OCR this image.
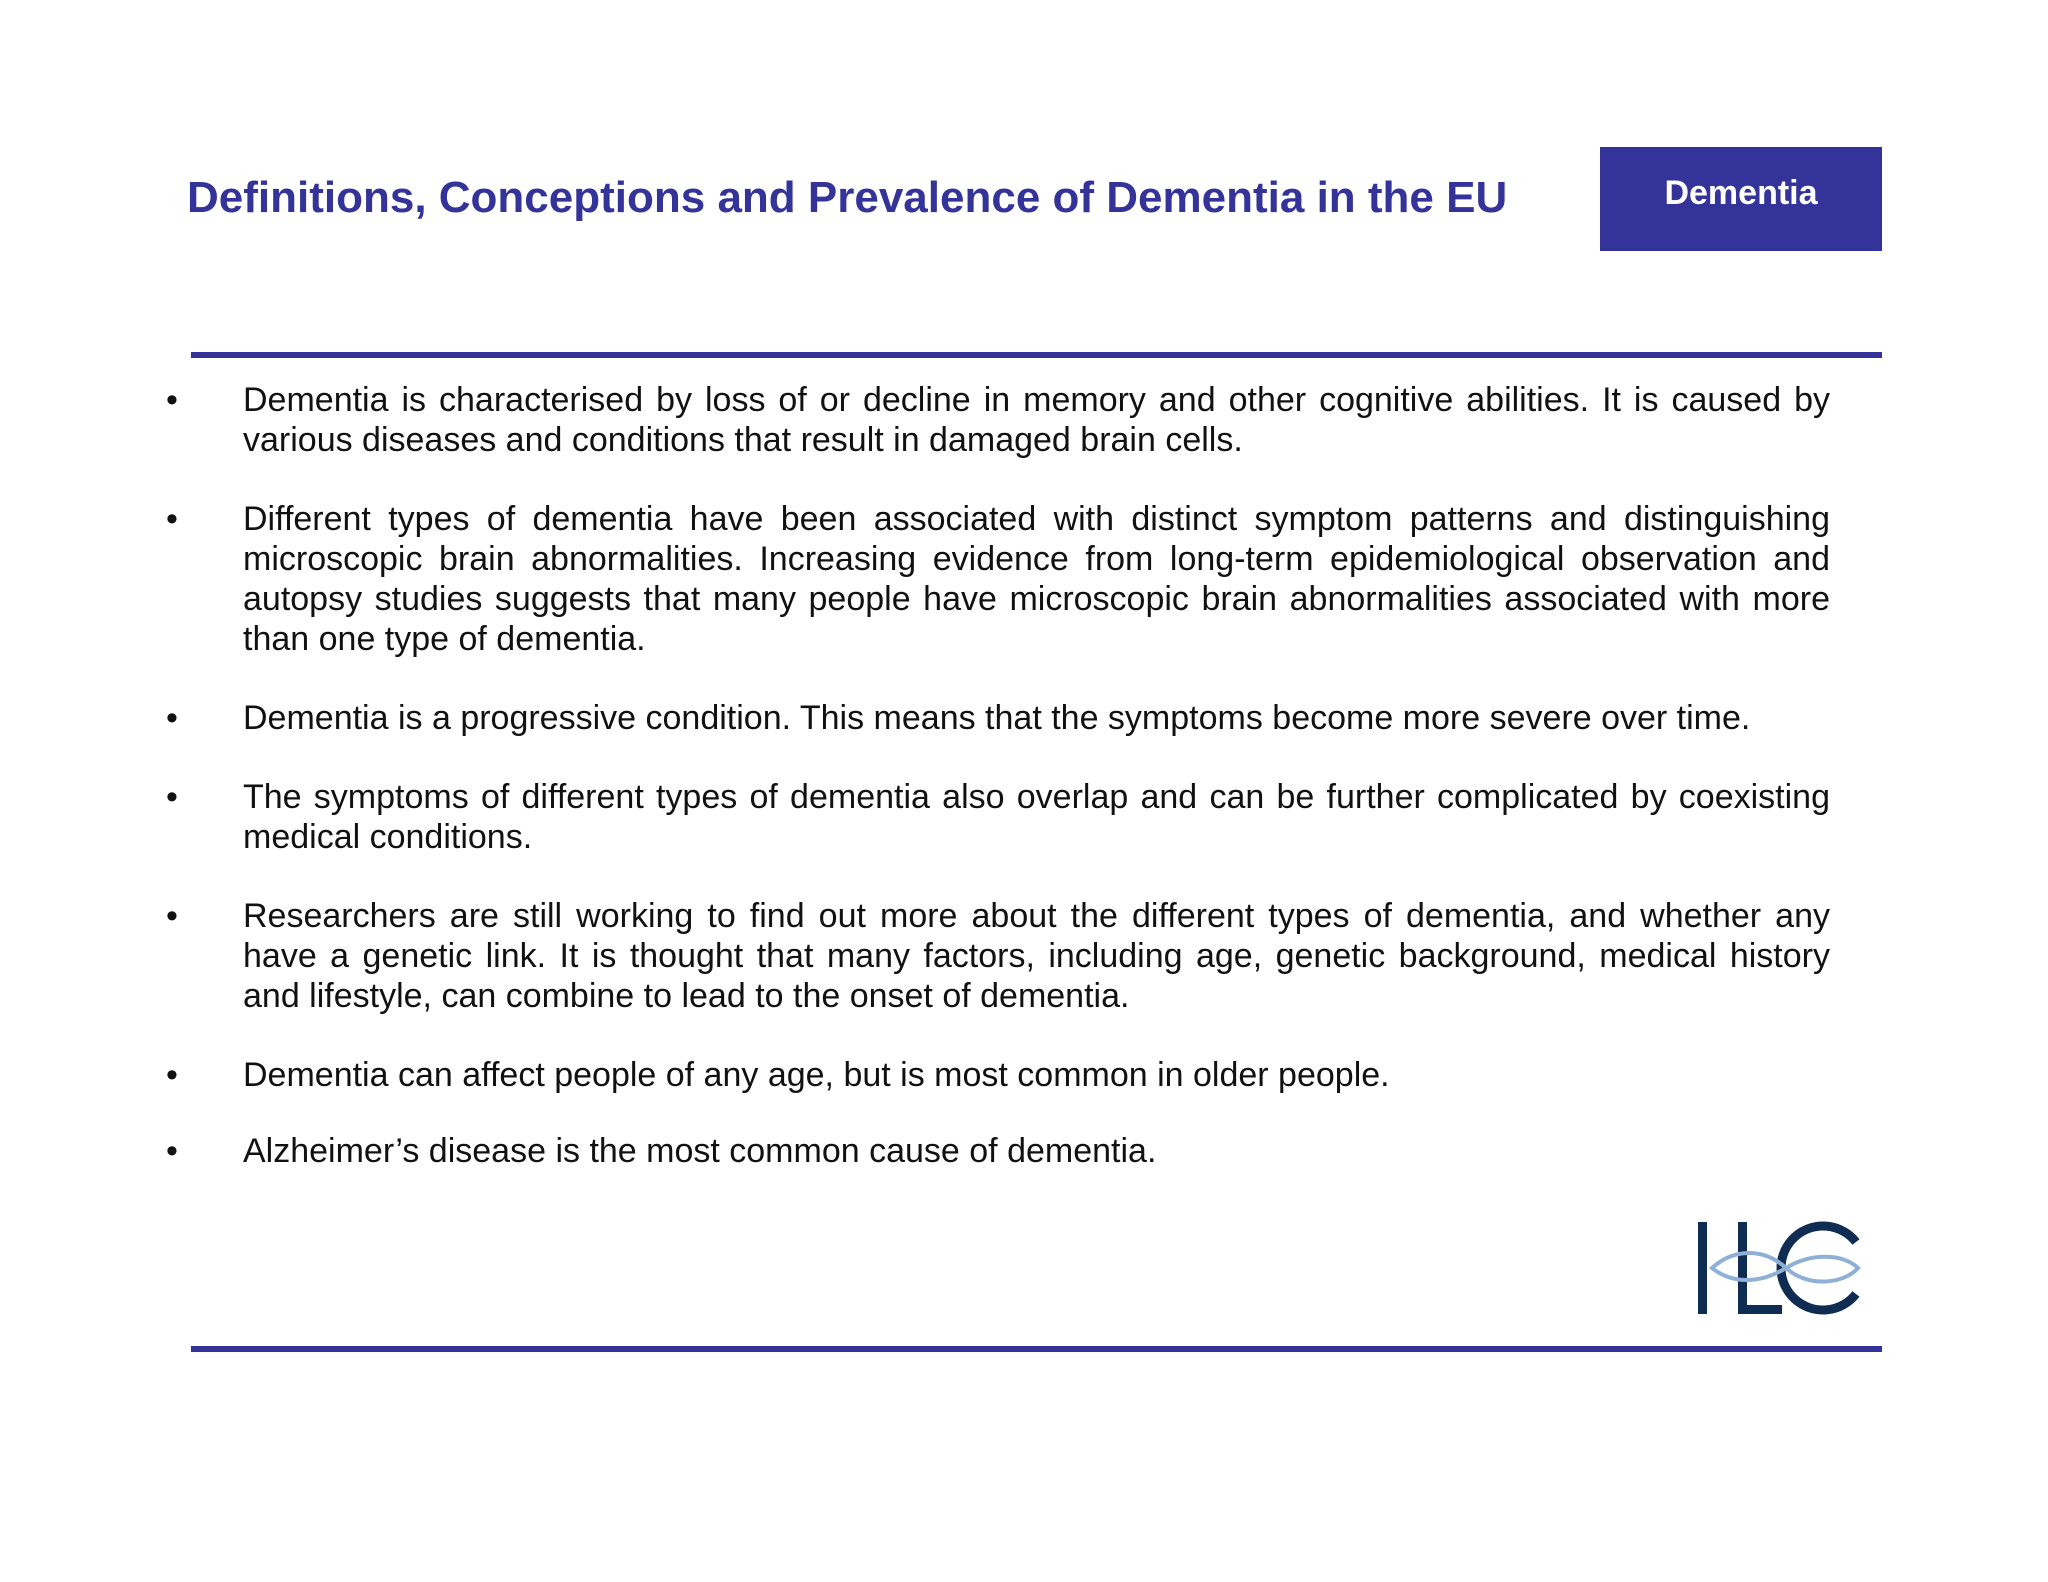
Definitions, Conceptions and Prevalence of Dementia in the EU	Dementia
•	Dementia is characterised by loss of or decline in memory and other cognitive abilities. It is caused by various diseases and conditions that result in damaged brain cells.
•	Different types of dementia have been associated with distinct symptom patterns and distinguishing microscopic brain abnormalities. Increasing evidence from long-term epidemiological observation and autopsy studies suggests that many people have microscopic brain abnormalities associated with more than one type of dementia.
•	Dementia is a progressive condition. This means that the symptoms become more severe over time.
•	The symptoms of different types of dementia also overlap and can be further complicated by coexisting medical conditions.
•	Researchers are still working to find out more about the different types of dementia, and whether any have a genetic link. It is thought that many factors, including age, genetic background, medical history and lifestyle, can combine to lead to the onset of dementia.
•	Dementia can affect people of any age, but is most common in older people.
•	Alzheimer’s disease is the most common cause of dementia.
